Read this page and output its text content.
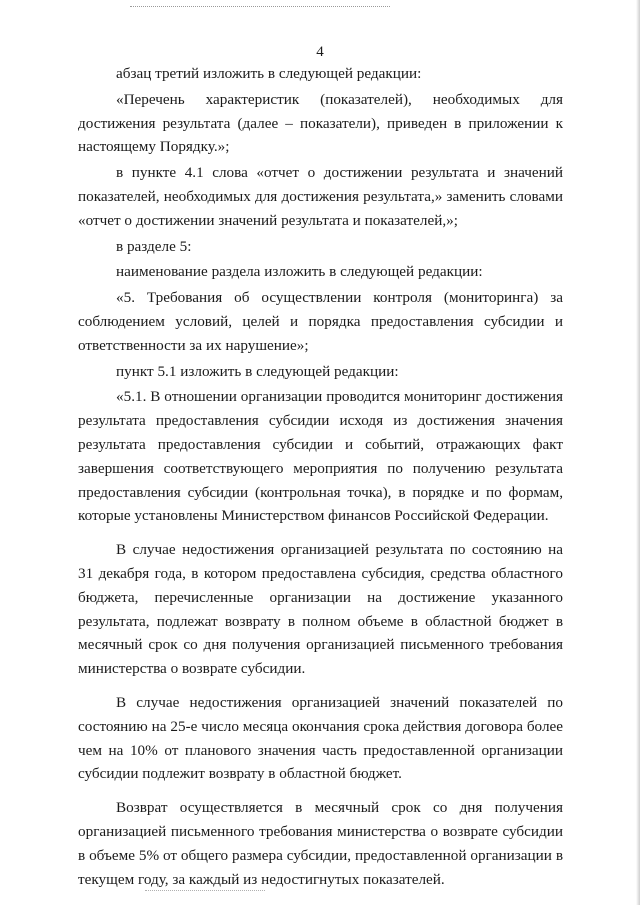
4

абзац третий изложить в следующей редакции:

«Перечень характеристик (показателей), необходимых для достижения результата (далее – показатели), приведен в приложении к настоящему Порядку.»;

в пункте 4.1 слова «отчет о достижении результата и значений показателей, необходимых для достижения результата,» заменить словами «отчет о достижении значений результата и показателей,»;

в разделе 5:

наименование раздела изложить в следующей редакции:

«5. Требования об осуществлении контроля (мониторинга) за соблюдением условий, целей и порядка предоставления субсидии и ответственности за их нарушение»;

пункт 5.1 изложить в следующей редакции:

«5.1. В отношении организации проводится мониторинг достижения результата предоставления субсидии исходя из достижения значения результата предоставления субсидии и событий, отражающих факт завершения соответствующего мероприятия по получению результата предоставления субсидии (контрольная точка), в порядке и по формам, которые установлены Министерством финансов Российской Федерации.

В случае недостижения организацией результата по состоянию на 31 декабря года, в котором предоставлена субсидия, средства областного бюджета, перечисленные организации на достижение указанного результата, подлежат возврату в полном объеме в областной бюджет в месячный срок со дня получения организацией письменного требования министерства о возврате субсидии.

В случае недостижения организацией значений показателей по состоянию на 25-е число месяца окончания срока действия договора более чем на 10% от планового значения часть предоставленной организации субсидии подлежит возврату в областной бюджет.

Возврат осуществляется в месячный срок со дня получения организацией письменного требования министерства о возврате субсидии в объеме 5% от общего размера субсидии, предоставленной организации в текущем году, за каждый из недостигнутых показателей.
